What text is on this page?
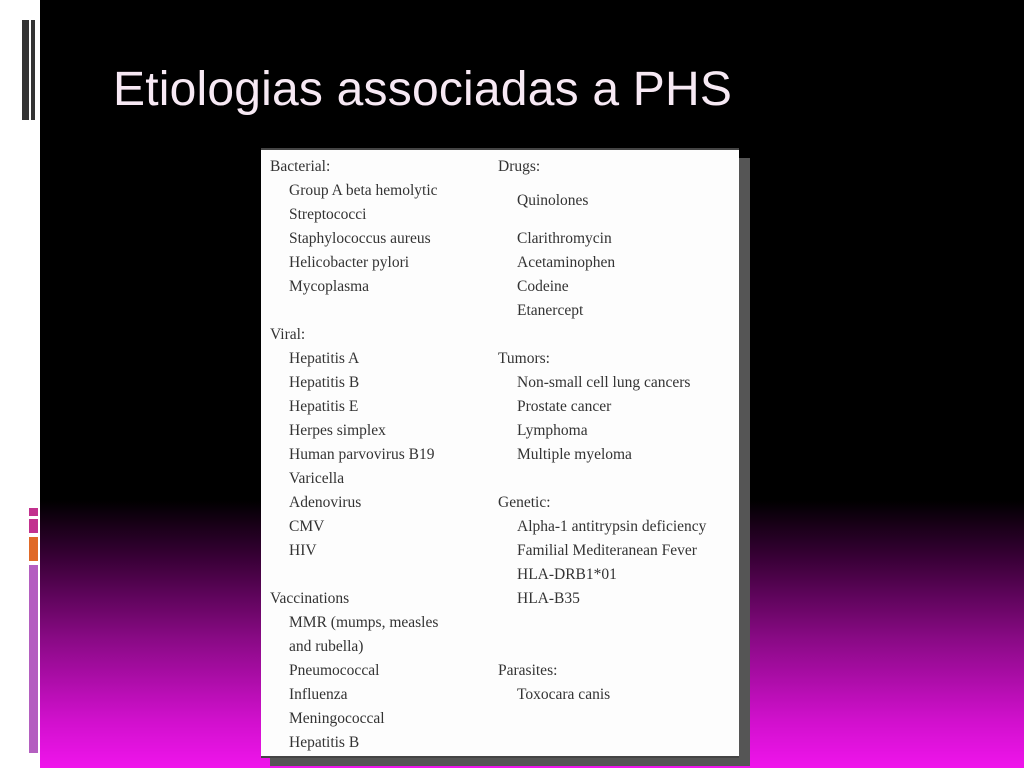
Etiologias associadas a PHS
Bacterial:
Group A beta hemolytic
Streptococci
Staphylococcus aureus
Helicobacter pylori
Mycoplasma
Viral:
Hepatitis A
Hepatitis B
Hepatitis E
Herpes simplex
Human parvovirus B19
Varicella
Adenovirus
CMV
HIV
Vaccinations
MMR (mumps, measles
and rubella)
Pneumococcal
Influenza
Meningococcal
Hepatitis B
Drugs:
Quinolones
Clarithromycin
Acetaminophen
Codeine
Etanercept
Tumors:
Non-small cell lung cancers
Prostate cancer
Lymphoma
Multiple myeloma
Genetic:
Alpha-1 antitrypsin deficiency
Familial Mediteranean Fever
HLA-DRB1*01
HLA-B35
Parasites:
Toxocara canis
